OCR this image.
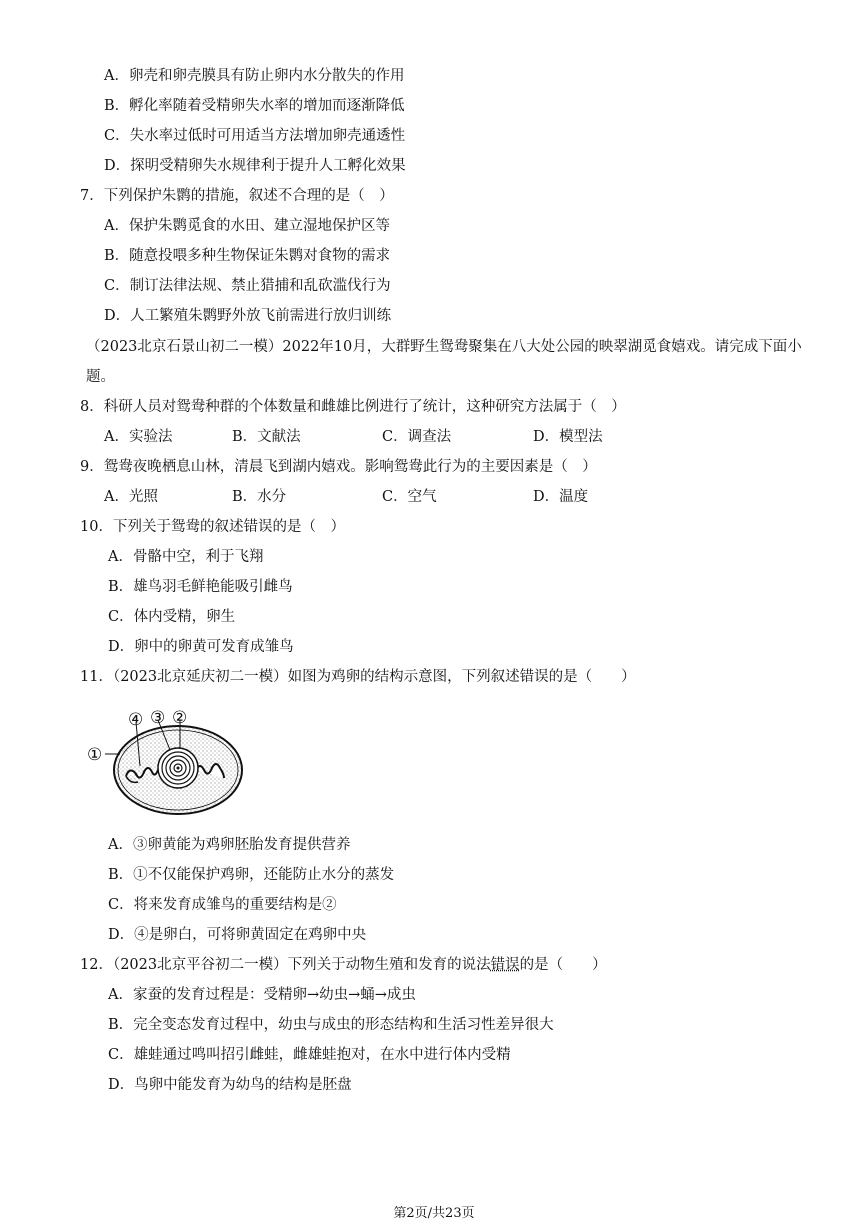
A．卵壳和卵壳膜具有防止卵内水分散失的作用
B．孵化率随着受精卵失水率的增加而逐渐降低
C．失水率过低时可用适当方法增加卵壳通透性
D．探明受精卵失水规律利于提升人工孵化效果
7．下列保护朱鹮的措施，叙述不合理的是（　）
A．保护朱鹮觅食的水田、建立湿地保护区等
B．随意投喂多种生物保证朱鹮对食物的需求
C．制订法律法规、禁止猎捕和乱砍滥伐行为
D．人工繁殖朱鹮野外放飞前需进行放归训练
（2023北京石景山初二一模）2022年10月，大群野生鸳鸯聚集在八大处公园的映翠湖觅食嬉戏。请完成下面小题。
8．科研人员对鸳鸯种群的个体数量和雌雄比例进行了统计，这种研究方法属于（　）
A．实验法	B．文献法	C．调查法	D．模型法
9．鸳鸯夜晚栖息山林，清晨飞到湖内嬉戏。影响鸳鸯此行为的主要因素是（　）
A．光照	B．水分	C．空气	D．温度
10．下列关于鸳鸯的叙述错误的是（　）
A．骨骼中空，利于飞翔
B．雄鸟羽毛鲜艳能吸引雌鸟
C．体内受精，卵生
D．卵中的卵黄可发育成雏鸟
11．（2023北京延庆初二一模）如图为鸡卵的结构示意图，下列叙述错误的是（　　）
④ ③ ②
①
A．③卵黄能为鸡卵胚胎发育提供营养
B．①不仅能保护鸡卵，还能防止水分的蒸发
C．将来发育成雏鸟的重要结构是②
D．④是卵白，可将卵黄固定在鸡卵中央
12．（2023北京平谷初二一模）下列关于动物生殖和发育的说法错误的是（　　）
A．家蚕的发育过程是：受精卵→幼虫→蛹→成虫
B．完全变态发育过程中，幼虫与成虫的形态结构和生活习性差异很大
C．雄蛙通过鸣叫招引雌蛙，雌雄蛙抱对，在水中进行体内受精
D．鸟卵中能发育为幼鸟的结构是胚盘
第2页/共23页
